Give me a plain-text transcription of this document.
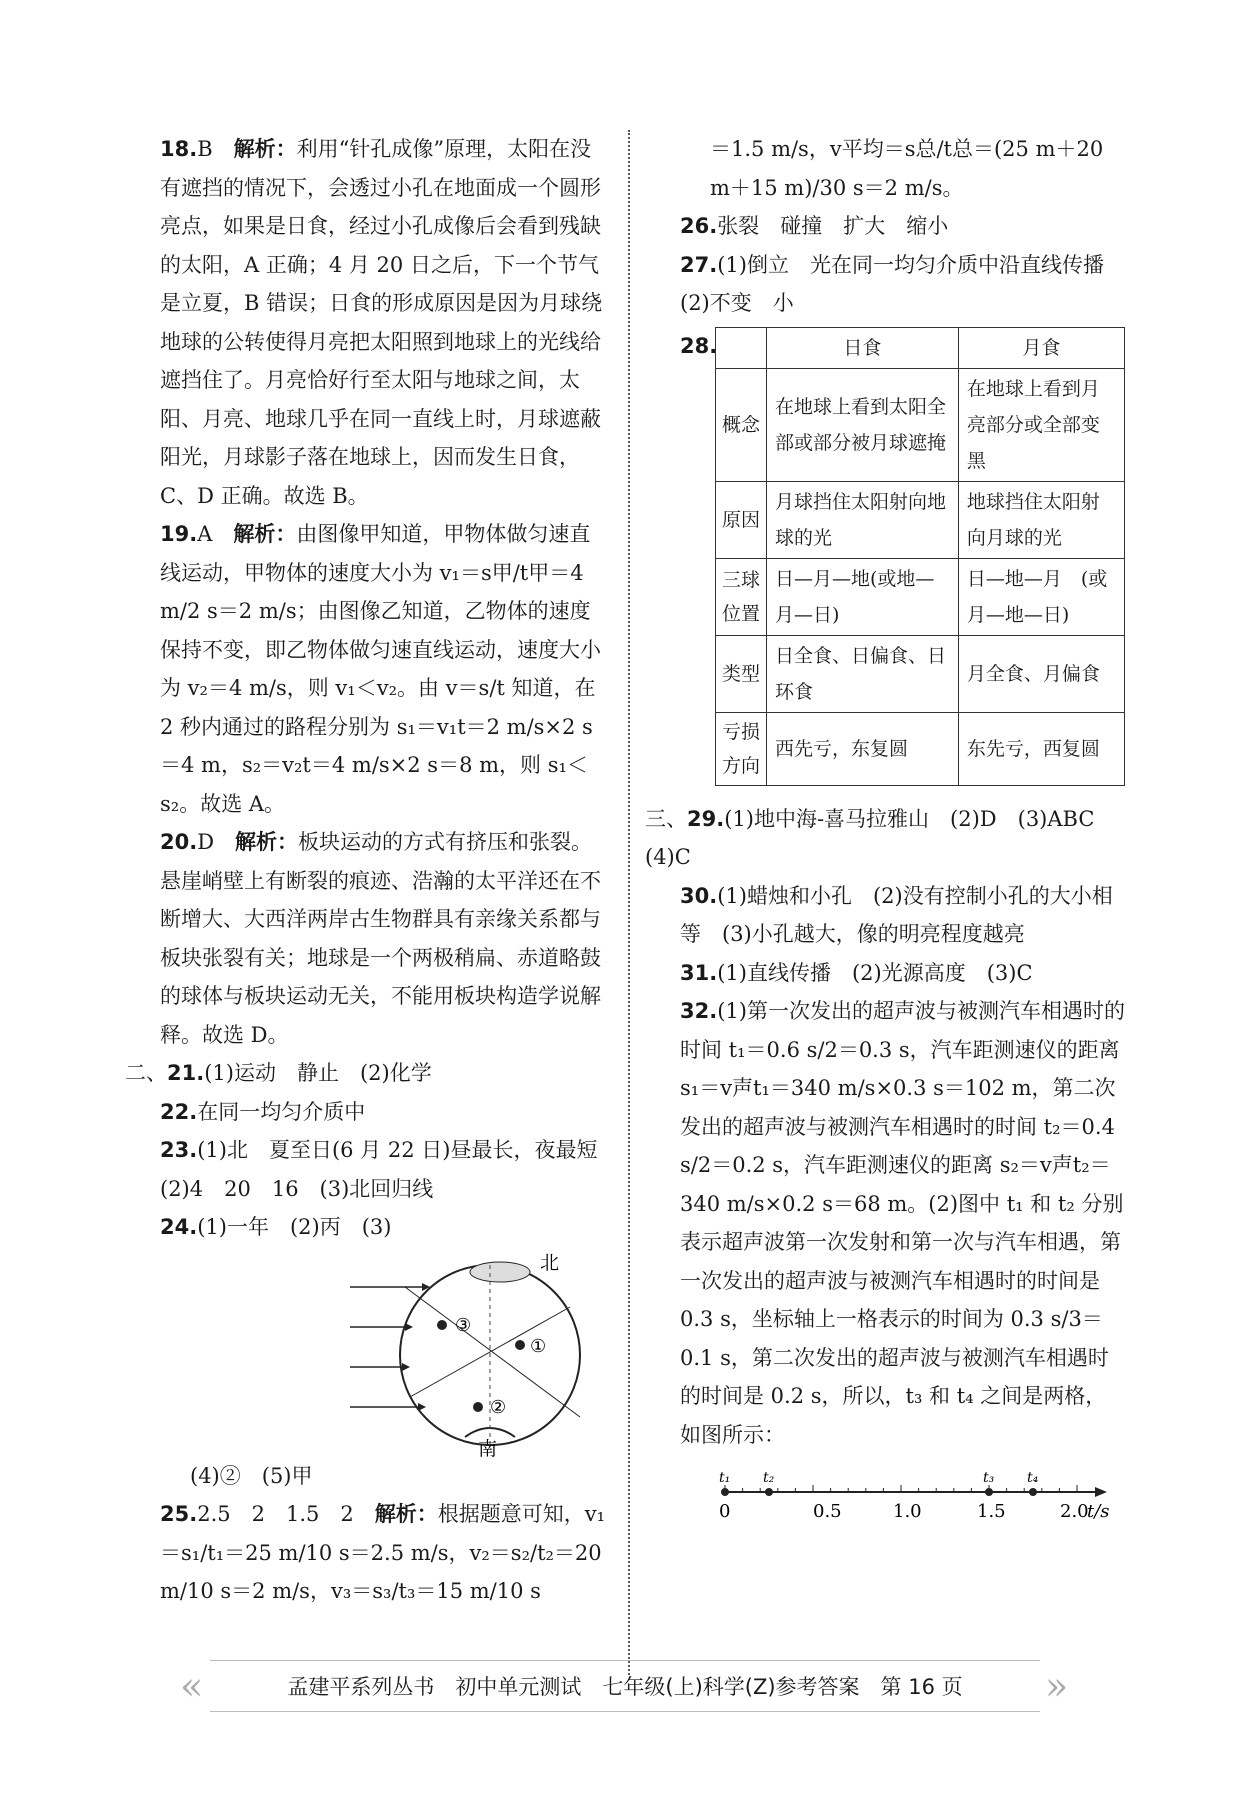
18.B　 解析：利用“针孔成像”原理，太阳在没有遮挡的情况下，会透过小孔在地面成一个圆形亮点，如果是日食，经过小孔成像后会看到残缺的太阳，A 正确；4 月 20 日之后，下一个节气是立夏，B 错误；日食的形成原因是因为月球绕地球的公转使得月亮把太阳照到地球上的光线给遮挡住了。月亮恰好行至太阳与地球之间，太阳、月亮、地球几乎在同一直线上时，月球遮蔽阳光，月球影子落在地球上，因而发生日食，C、D 正确。故选 B。

19.A　 解析：由图像甲知道，甲物体做匀速直线运动，甲物体的速度大小为 v₁＝s甲/t甲＝4 m/2 s＝2 m/s；由图像乙知道，乙物体的速度保持不变，即乙物体做匀速直线运动，速度大小为 v₂＝4 m/s，则 v₁＜v₂。由 v＝s/t 知道，在 2 秒内通过的路程分别为 s₁＝v₁t＝2 m/s×2 s＝4 m，s₂＝v₂t＝4 m/s×2 s＝8 m，则 s₁＜s₂。故选 A。

20.D　 解析：板块运动的方式有挤压和张裂。悬崖峭壁上有断裂的痕迹、浩瀚的太平洋还在不断增大、大西洋两岸古生物群具有亲缘关系都与板块张裂有关；地球是一个两极稍扁、赤道略鼓的球体与板块运动无关，不能用板块构造学说解释。故选 D。

二、21.(1)运动　静止　(2)化学

22.在同一均匀介质中

23.(1)北　夏至日(6 月 22 日)昼最长，夜最短　(2)4　20　16　(3)北回归线

24.(1)一年　(2)丙　(3)

③
①
②
北
南

(4)②　(5)甲

25.2.5　2　1.5　2　 解析：根据题意可知，v₁＝s₁/t₁＝25 m/10 s＝2.5 m/s，v₂＝s₂/t₂＝20 m/10 s＝2 m/s，v₃＝s₃/t₃＝15 m/10 s

＝1.5 m/s，v平均＝s总/t总＝(25 m＋20 m＋15 m)/30 s＝2 m/s。

26.张裂　碰撞　扩大　缩小

27.(1)倒立　光在同一均匀介质中沿直线传播　(2)不变　小

28.
		日食	月食
概念	在地球上看到太阳全部或部分被月球遮掩	在地球上看到月亮部分或全部变黑
原因	月球挡住太阳射向地球的光	地球挡住太阳射向月球的光
三球位置	日—月—地(或地—月—日)	日—地—月　(或月—地—日)
类型	日全食、日偏食、日环食	月全食、月偏食
亏损方向	西先亏，东复圆	东先亏，西复圆

三、29.(1)地中海-喜马拉雅山　(2)D　(3)ABC　(4)C

30.(1)蜡烛和小孔　(2)没有控制小孔的大小相等　(3)小孔越大，像的明亮程度越亮

31.(1)直线传播　(2)光源高度　(3)C

32.(1)第一次发出的超声波与被测汽车相遇时的时间 t₁＝0.6 s/2＝0.3 s，汽车距测速仪的距离 s₁＝v声t₁＝340 m/s×0.3 s＝102 m，第二次发出的超声波与被测汽车相遇时的时间 t₂＝0.4 s/2＝0.2 s，汽车距测速仪的距离 s₂＝v声t₂＝340 m/s×0.2 s＝68 m。(2)图中 t₁ 和 t₂ 分别表示超声波第一次发射和第一次与汽车相遇，第一次发出的超声波与被测汽车相遇时的时间是 0.3 s，坐标轴上一格表示的时间为 0.3 s/3＝0.1 s，第二次发出的超声波与被测汽车相遇时的时间是 0.2 s，所以，t₃ 和 t₄ 之间是两格，如图所示：

t₁ t₂	t₃ t₄
0	0.5	1.0	1.5	2.0
t/s
«	孟建平系列丛书　初中单元测试　七年级(上)科学(Z)参考答案　第 16 页	»
